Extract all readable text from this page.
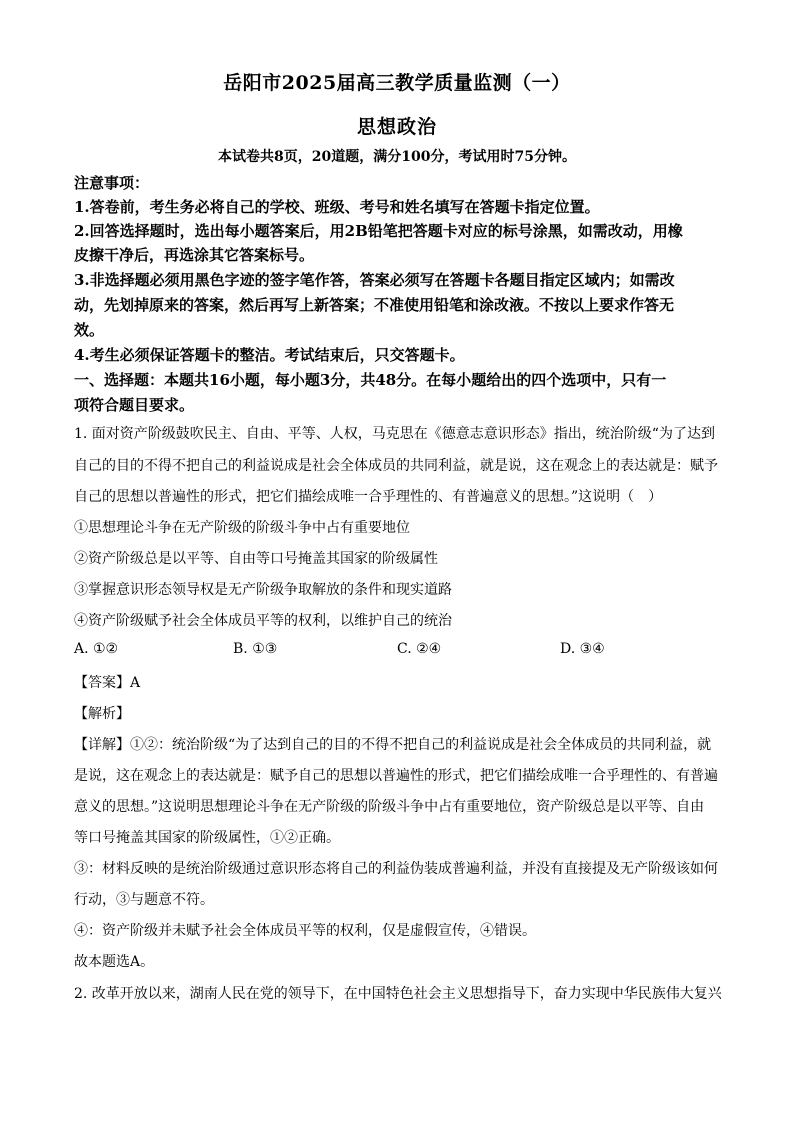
岳阳市2025届高三教学质量监测（一）
思想政治
本试卷共8页，20道题，满分100分，考试用时75分钟。
注意事项：
1.答卷前，考生务必将自己的学校、班级、考号和姓名填写在答题卡指定位置。
2.回答选择题时，选出每小题答案后，用2B铅笔把答题卡对应的标号涂黑，如需改动，用橡
皮擦干净后，再选涂其它答案标号。
3.非选择题必须用黑色字迹的签字笔作答，答案必须写在答题卡各题目指定区域内；如需改
动，先划掉原来的答案，然后再写上新答案；不准使用铅笔和涂改液。不按以上要求作答无
效。
4.考生必须保证答题卡的整洁。考试结束后，只交答题卡。
一、选择题：本题共16小题，每小题3分，共48分。在每小题给出的四个选项中，只有一
项符合题目要求。
1. 面对资产阶级鼓吹民主、自由、平等、人权，马克思在《德意志意识形态》指出，统治阶级“为了达到
自己的目的不得不把自己的利益说成是社会全体成员的共同利益，就是说，这在观念上的表达就是：赋予
自己的思想以普遍性的形式，把它们描绘成唯一合乎理性的、有普遍意义的思想。”这说明（　）
①思想理论斗争在无产阶级的阶级斗争中占有重要地位
②资产阶级总是以平等、自由等口号掩盖其国家的阶级属性
③掌握意识形态领导权是无产阶级争取解放的条件和现实道路
④资产阶级赋予社会全体成员平等的权利，以维护自己的统治
A. ①②	B. ①③	C. ②④	D. ③④
【答案】A
【解析】
【详解】①②：统治阶级“为了达到自己的目的不得不把自己的利益说成是社会全体成员的共同利益，就
是说，这在观念上的表达就是：赋予自己的思想以普遍性的形式，把它们描绘成唯一合乎理性的、有普遍
意义的思想。”这说明思想理论斗争在无产阶级的阶级斗争中占有重要地位，资产阶级总是以平等、自由
等口号掩盖其国家的阶级属性，①②正确。
③：材料反映的是统治阶级通过意识形态将自己的利益伪装成普遍利益，并没有直接提及无产阶级该如何
行动，③与题意不符。
④：资产阶级并未赋予社会全体成员平等的权利，仅是虚假宣传，④错误。
故本题选A。
2. 改革开放以来，湖南人民在党的领导下，在中国特色社会主义思想指导下，奋力实现中华民族伟大复兴
